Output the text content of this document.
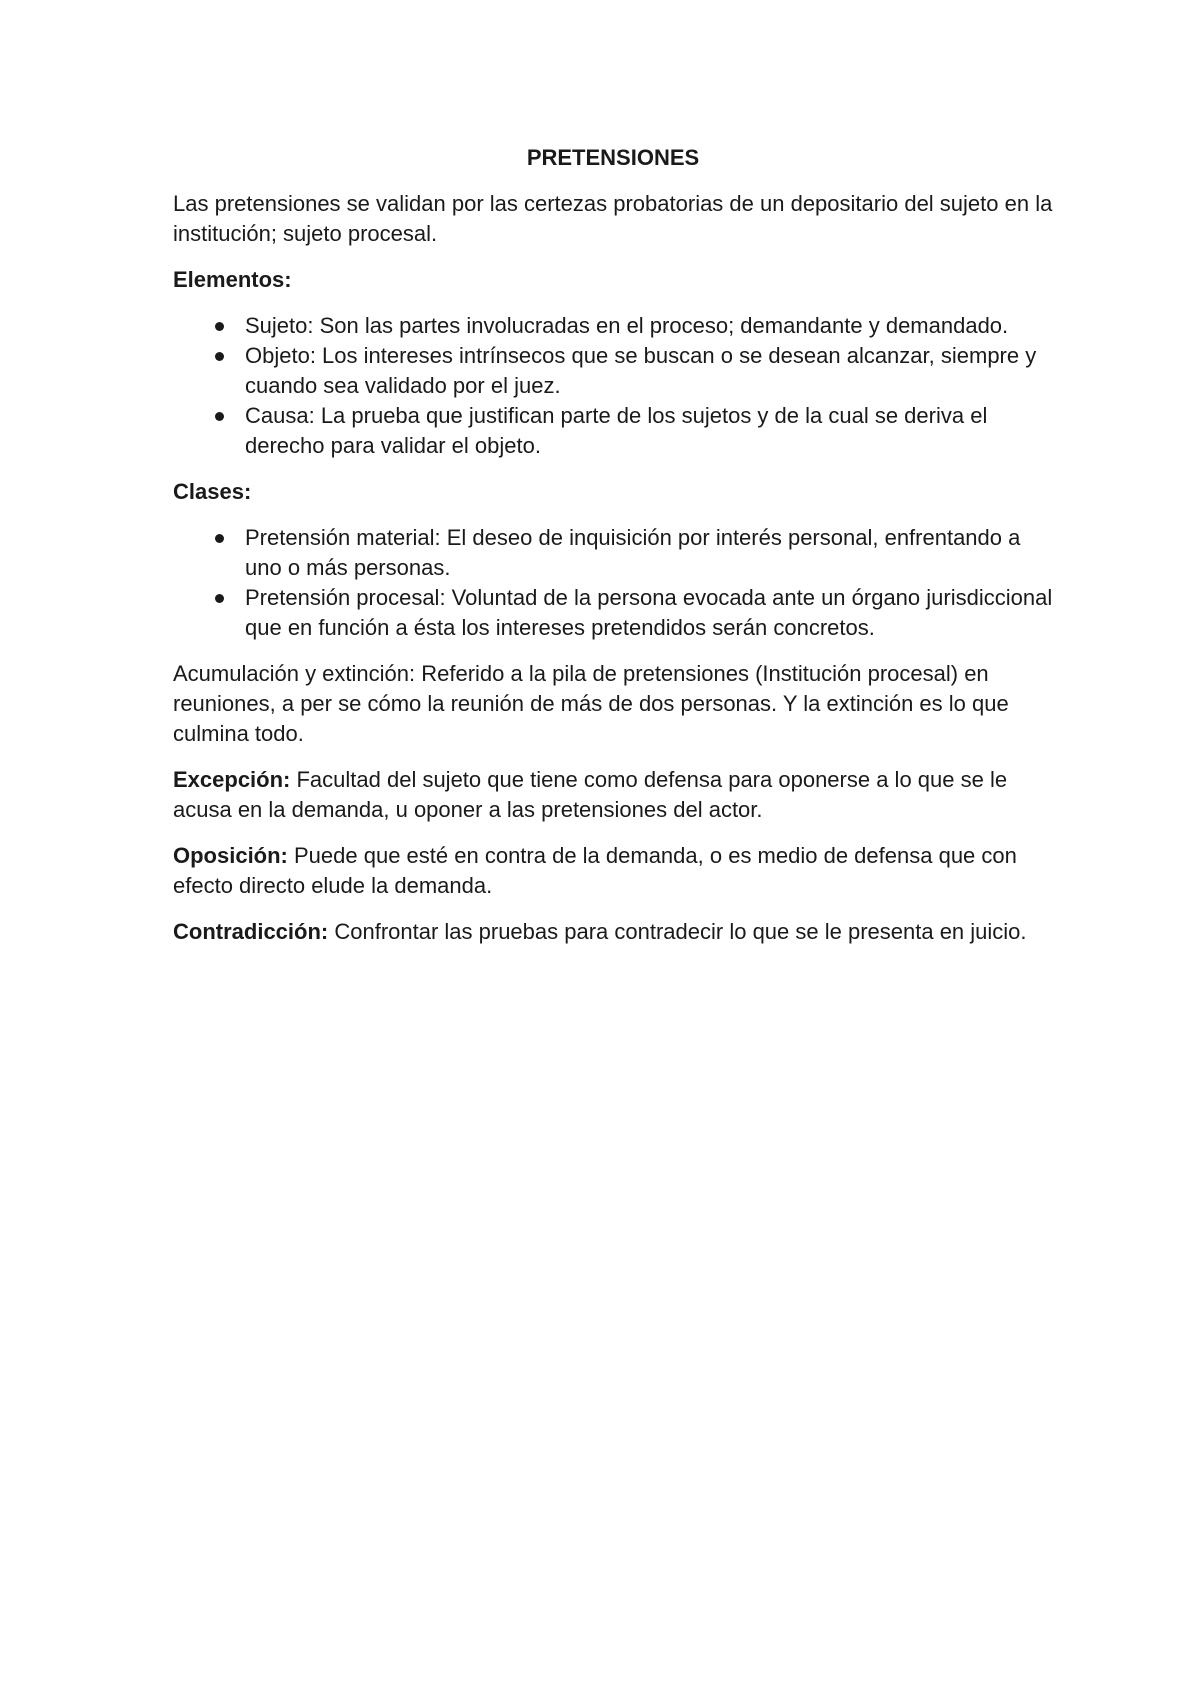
PRETENSIONES

Las pretensiones se validan por las certezas probatorias de un depositario del sujeto en la institución; sujeto procesal.

Elementos:
Sujeto: Son las partes involucradas en el proceso; demandante y demandado.
Objeto: Los intereses intrínsecos que se buscan o se desean alcanzar, siempre y cuando sea validado por el juez.
Causa: La prueba que justifican parte de los sujetos y de la cual se deriva el derecho para validar el objeto.
Clases:
Pretensión material: El deseo de inquisición por interés personal, enfrentando a uno o más personas.
Pretensión procesal: Voluntad de la persona evocada ante un órgano jurisdiccional que en función a ésta los intereses pretendidos serán concretos.

Acumulación y extinción: Referido a la pila de pretensiones (Institución procesal) en reuniones, a per se cómo la reunión de más de dos personas. Y la extinción es lo que culmina todo.

Excepción: Facultad del sujeto que tiene como defensa para oponerse a lo que se le acusa en la demanda, u oponer a las pretensiones del actor.

Oposición: Puede que esté en contra de la demanda, o es medio de defensa que con efecto directo elude la demanda.

Contradicción: Confrontar las pruebas para contradecir lo que se le presenta en juicio.
